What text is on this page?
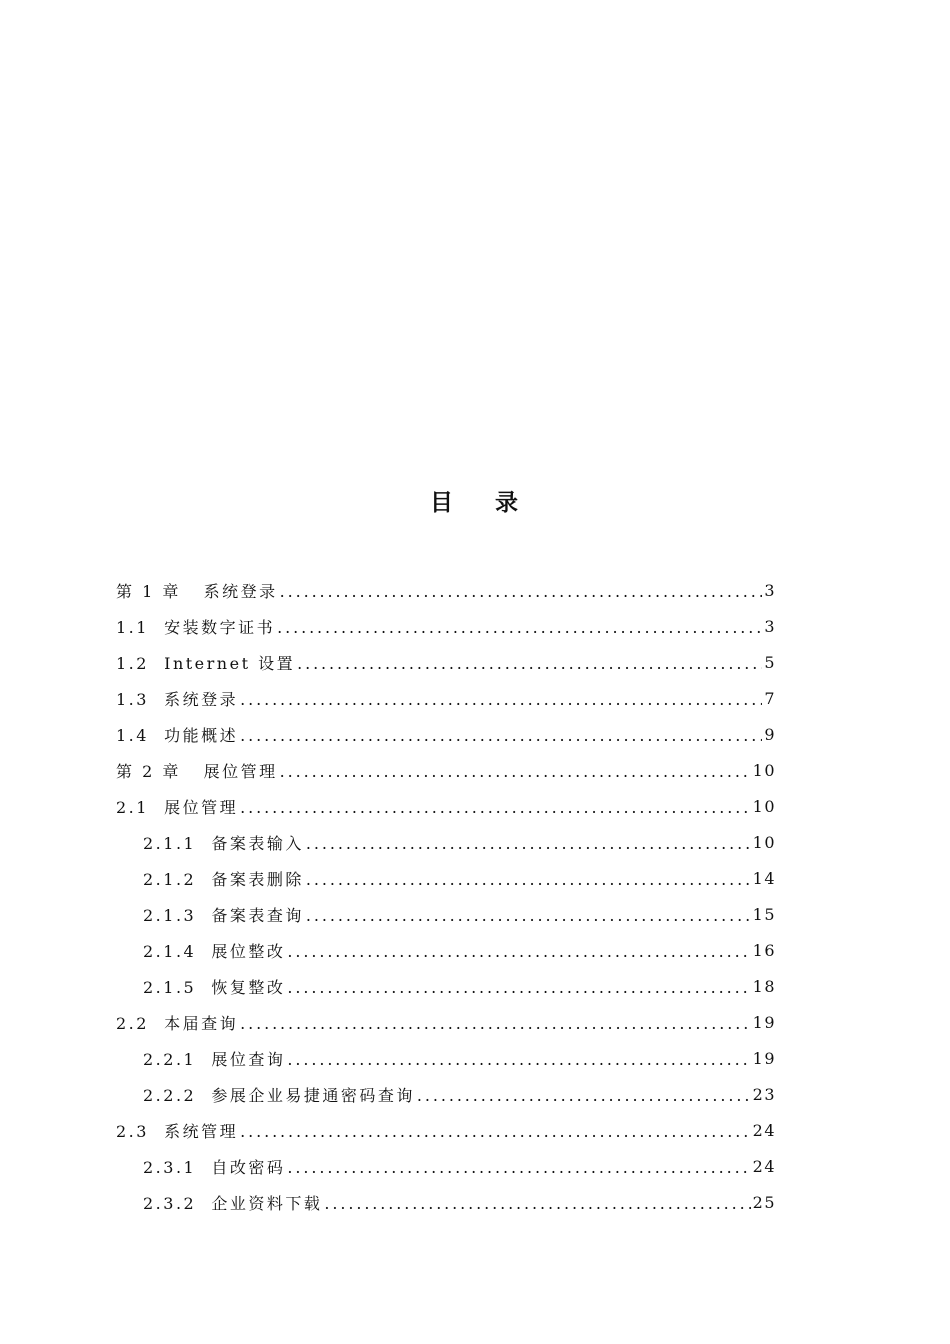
目    录
第 1 章   系统登录 .....	3
1.1  安装数字证书 .....	3
1.2  Internet 设置 .....	5
1.3  系统登录 .....	7
1.4  功能概述 .....	9
第 2 章   展位管理 .....	10
2.1  展位管理 .....	10
2.1.1  备案表输入 .....	10
2.1.2  备案表删除 .....	14
2.1.3  备案表查询 .....	15
2.1.4  展位整改 .....	16
2.1.5  恢复整改 .....	18
2.2  本届查询 .....	19
2.2.1  展位查询 .....	19
2.2.2  参展企业易捷通密码查询 .....	23
2.3  系统管理 .....	24
2.3.1  自改密码 .....	24
2.3.2  企业资料下载 .....	25
